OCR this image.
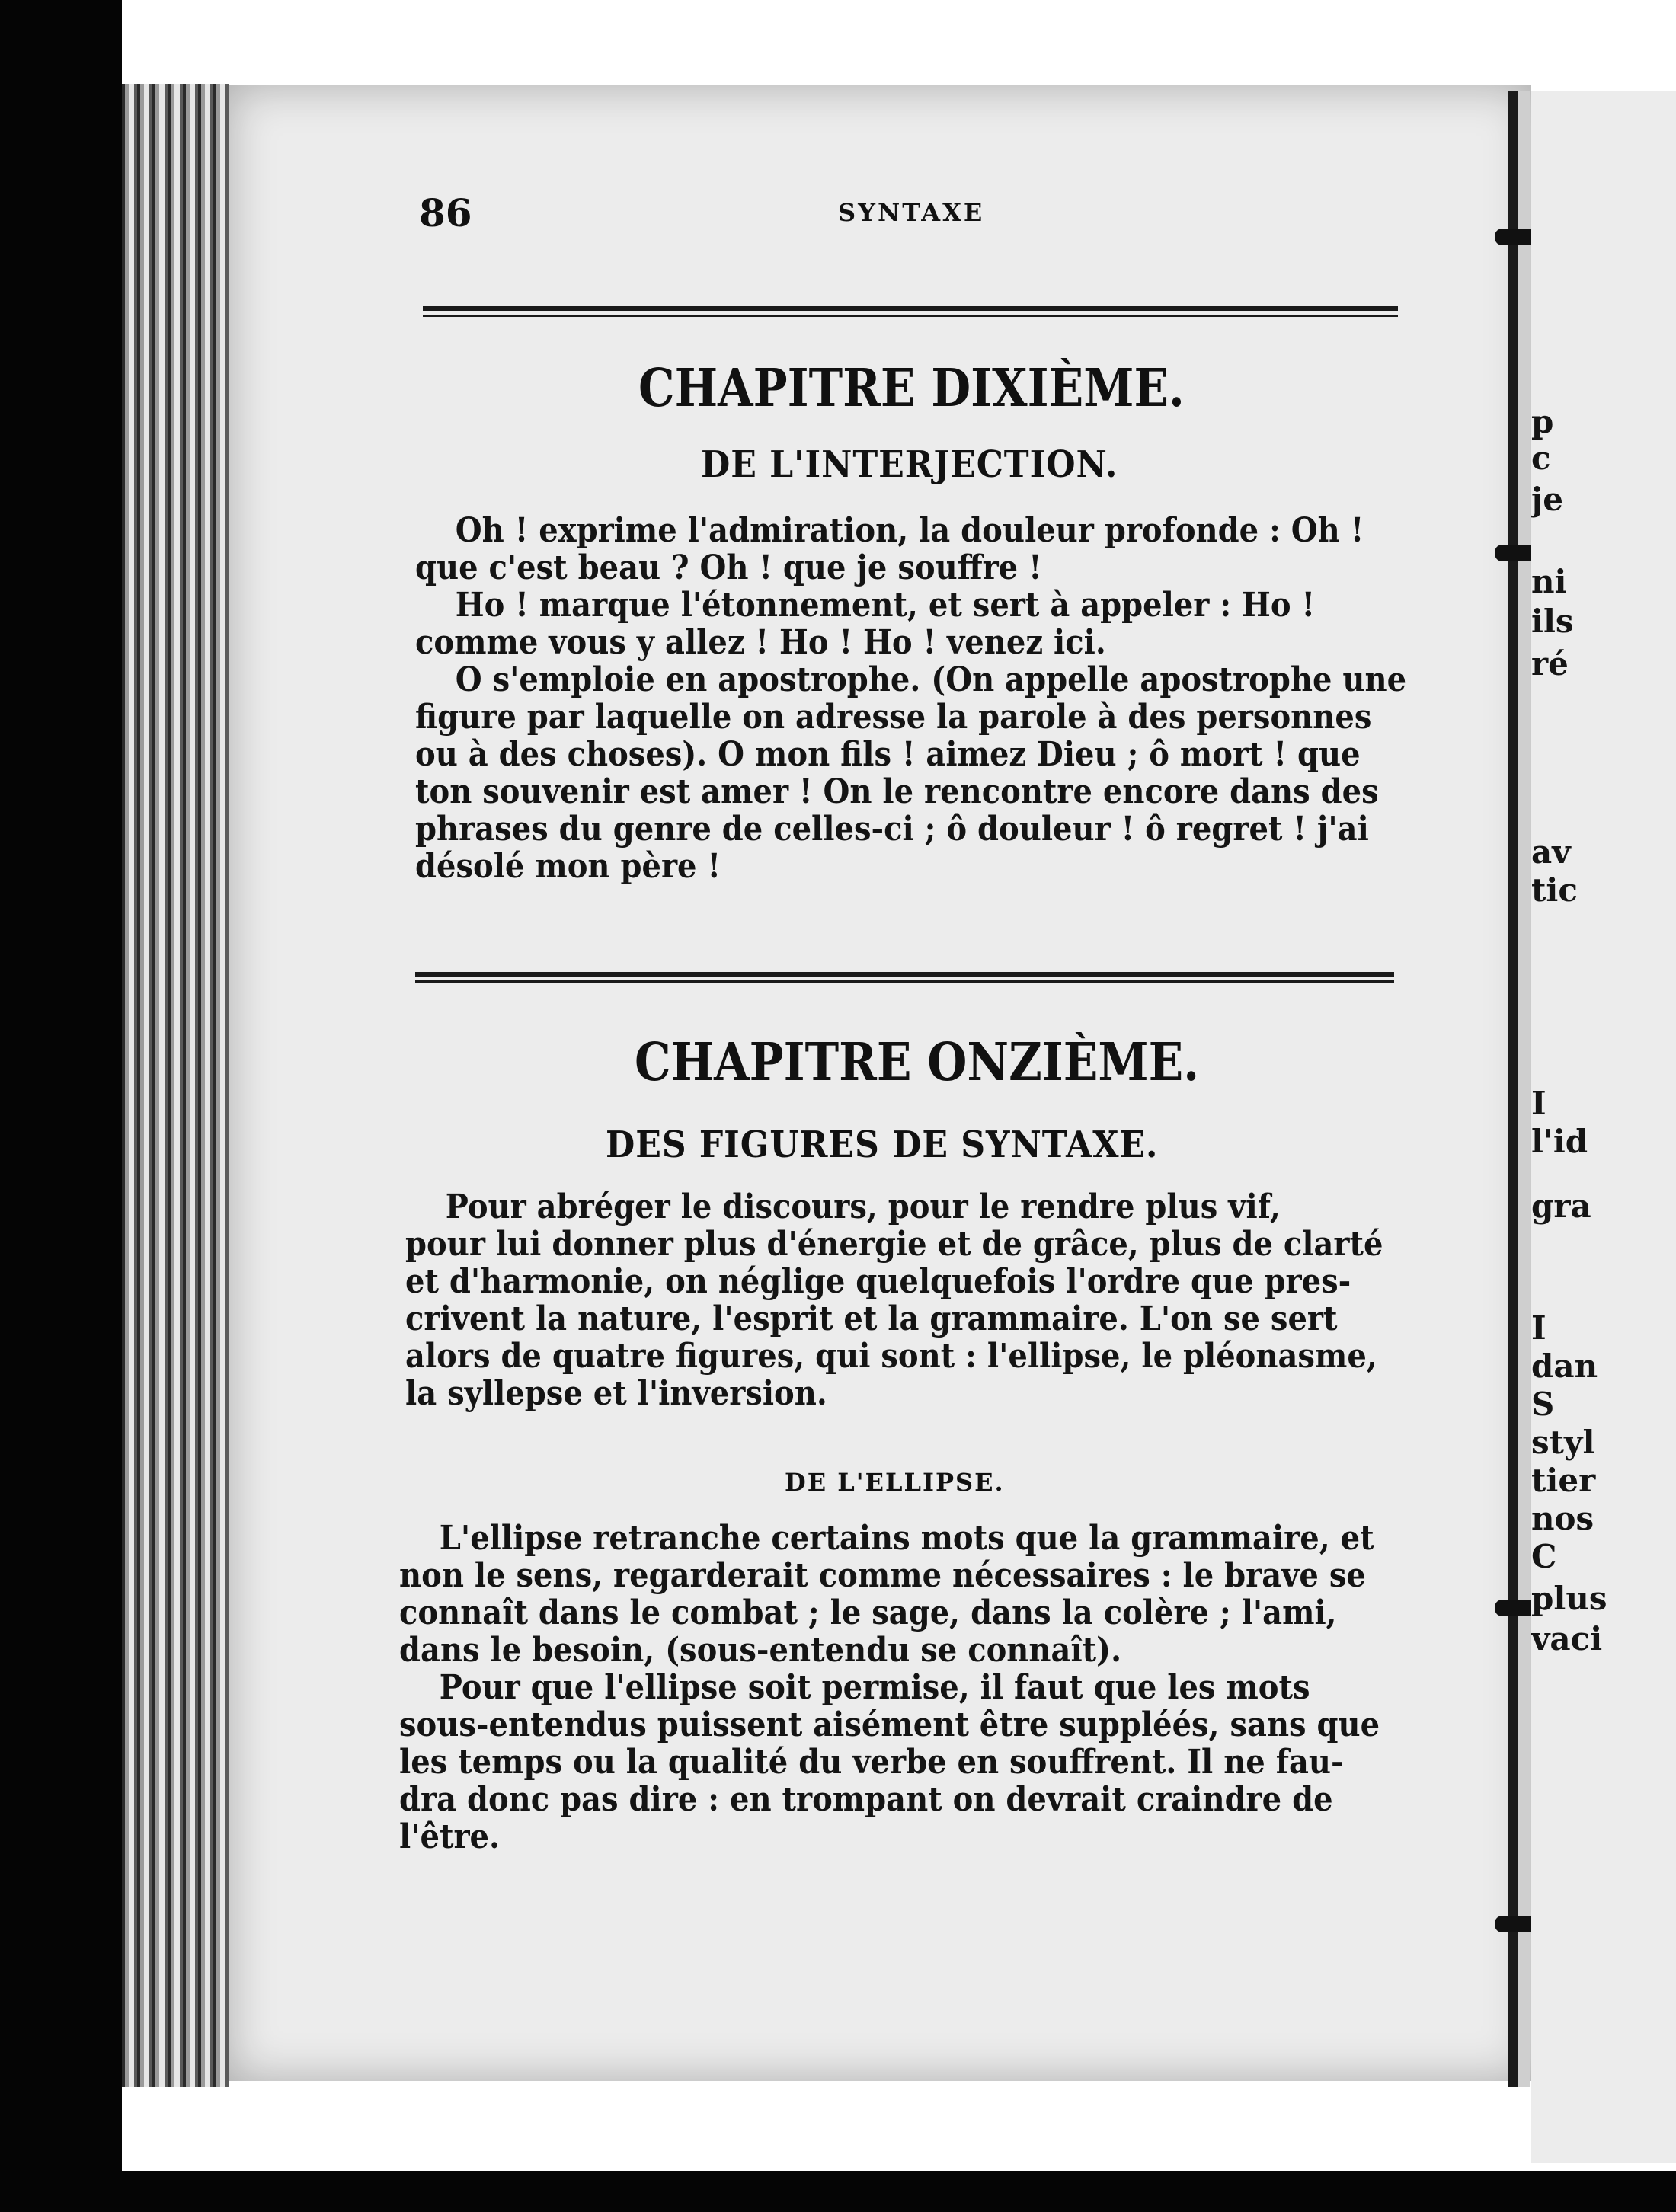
p
c
je
ni
ils
ré
av
tic
I
l'id
gra
I
dan
S
styl
tier
nos
C
plus
vaci
86	SYNTAXE
CHAPITRE DIXIÈME.
DE L'INTERJECTION.
Oh ! exprime l'admiration, la douleur profonde : Oh !
que c'est beau ? Oh ! que je souffre !
Ho ! marque l'étonnement, et sert à appeler : Ho !
comme vous y allez ! Ho ! Ho ! venez ici.
O s'emploie en apostrophe. (On appelle apostrophe une
figure par laquelle on adresse la parole à des personnes
ou à des choses). O mon fils ! aimez Dieu ; ô mort ! que
ton souvenir est amer ! On le rencontre encore dans des
phrases du genre de celles-ci ; ô douleur ! ô regret ! j'ai
désolé mon père !
CHAPITRE ONZIÈME.
DES FIGURES DE SYNTAXE.
Pour abréger le discours, pour le rendre plus vif,
pour lui donner plus d'énergie et de grâce, plus de clarté
et d'harmonie, on néglige quelquefois l'ordre que pres-
crivent la nature, l'esprit et la grammaire. L'on se sert
alors de quatre figures, qui sont : l'ellipse, le pléonasme,
la syllepse et l'inversion.
DE L'ELLIPSE.
L'ellipse retranche certains mots que la grammaire, et
non le sens, regarderait comme nécessaires : le brave se
connaît dans le combat ; le sage, dans la colère ; l'ami,
dans le besoin, (sous-entendu se connaît).
Pour que l'ellipse soit permise, il faut que les mots
sous-entendus puissent aisément être suppléés, sans que
les temps ou la qualité du verbe en souffrent. Il ne fau-
dra donc pas dire : en trompant on devrait craindre de
l'être.
